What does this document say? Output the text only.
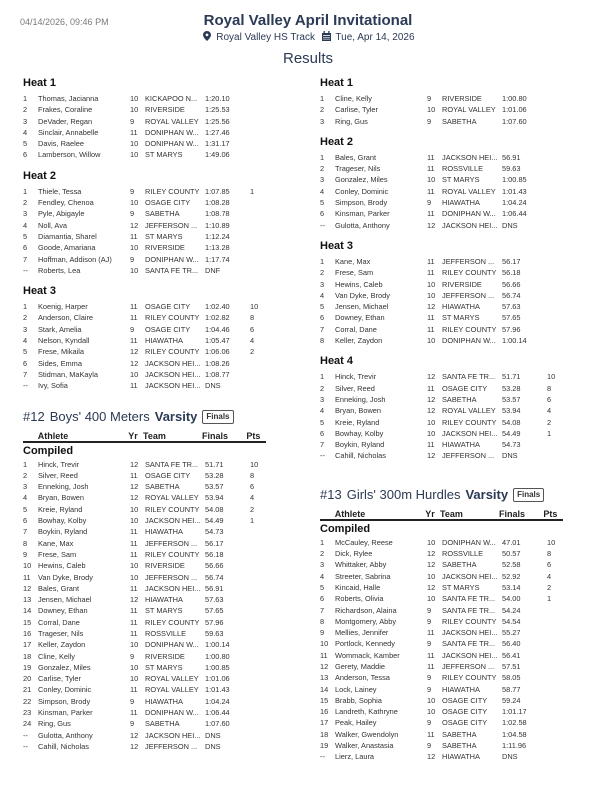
04/14/2026, 09:46 PM	Royal Valley April Invitational
Royal Valley HS Track Tue, Apr 14, 2026
Results
Heat 1
1	Thomas, Jacianna	10 KICKAPOO N...	1:20.10
2	Frakes, Coraline	10 RIVERSIDE	1:25.53
3	DeVader, Regan	9	ROYAL VALLEY 1:25.56
4	Sinclair, Annabelle	11 DONIPHAN W... 1:27.46
5	Davis, Raelee	10 DONIPHAN W... 1:31.17
6	Lamberson, Willow	10 ST MARYS	1:49.06
Heat 2
1	Thiele, Tessa	9	RILEY COUNTY 1:07.85	1
2	Fendley, Chenoa	10 OSAGE CITY	1:08.28
3	Pyle, Abigayle	9	SABETHA	1:08.78
4	Noll, Ava	12 JEFFERSON ...	1:10.89
5	Diamantia, Sharel	11 ST MARYS	1:12.24
6	Goode, Amariana	10 RIVERSIDE	1:13.28
7	Hoffman, Addison (AJ)	9	DONIPHAN W... 1:17.74
--	Roberts, Lea	10 SANTA FE TR... DNF
Heat 3
1	Koenig, Harper	11 OSAGE CITY	1:02.40	10
2	Anderson, Claire	11 RILEY COUNTY 1:02.82	8
3	Stark, Amelia	9	OSAGE CITY	1:04.46	6
4	Nelson, Kyndall	11 HIAWATHA	1:05.47	4
5	Frese, Mikaila	12 RILEY COUNTY 1:06.06	2
6	Sides, Emma	12 JACKSON HEI... 1:08.26
7	Stidman, MaKayla	10 JACKSON HEI... 1:08.77
--	Ivy, Sofia	11 JACKSON HEI... DNS
#12 Boys' 400 Meters Varsity	Finals
Athlete	Yr Team	Finals	Pts
Compiled
1	Hinck, Trevir	12 SANTA FE TR... 51.71	10
2	Silver, Reed	11 OSAGE CITY	53.28	8
3	Enneking, Josh	12 SABETHA	53.57	6
4	Bryan, Bowen	12 ROYAL VALLEY 53.94	4
5	Kreie, Ryland	10 RILEY COUNTY 54.08	2
6	Bowhay, Kolby	10 JACKSON HEI... 54.49	1
7	Boykin, Ryland	11 HIAWATHA	54.73
8	Kane, Max	11 JEFFERSON ...	56.17
9	Frese, Sam	11 RILEY COUNTY 56.18
10 Hewins, Caleb	10 RIVERSIDE	56.66
11 Van Dyke, Brody	10 JEFFERSON ...	56.74
12 Bales, Grant	11 JACKSON HEI... 56.91
13 Jensen, Michael	12 HIAWATHA	57.63
14 Downey, Ethan	11 ST MARYS	57.65
15 Corral, Dane	11 RILEY COUNTY 57.96
16 Trageser, Nils	11 ROSSVILLE	59.63
17 Keller, Zaydon	10 DONIPHAN W... 1:00.14
18 Cline, Kelly	9	RIVERSIDE	1:00.80
19 Gonzalez, Miles	10 ST MARYS	1:00.85
20 Carlise, Tyler	10 ROYAL VALLEY 1:01.06
21 Conley, Dominic	11 ROYAL VALLEY 1:01.43
22 Simpson, Brody	9	HIAWATHA	1:04.24
23 Kinsman, Parker	11 DONIPHAN W... 1:06.44
24 Ring, Gus	9	SABETHA	1:07.60
--	Gulotta, Anthony	12 JACKSON HEI... DNS
--	Cahill, Nicholas	12 JEFFERSON ...	DNS
Heat 1
1	Cline, Kelly	9	RIVERSIDE	1:00.80
2	Carlise, Tyler	10 ROYAL VALLEY 1:01.06
3	Ring, Gus	9	SABETHA	1:07.60
Heat 2
1	Bales, Grant	11 JACKSON HEI... 56.91
2	Trageser, Nils	11 ROSSVILLE	59.63
3	Gonzalez, Miles	10 ST MARYS	1:00.85
4	Conley, Dominic	11 ROYAL VALLEY 1:01.43
5	Simpson, Brody	9	HIAWATHA	1:04.24
6	Kinsman, Parker	11 DONIPHAN W... 1:06.44
--	Gulotta, Anthony	12 JACKSON HEI... DNS
Heat 3
1	Kane, Max	11 JEFFERSON ...	56.17
2	Frese, Sam	11 RILEY COUNTY 56.18
3	Hewins, Caleb	10 RIVERSIDE	56.66
4	Van Dyke, Brody	10 JEFFERSON ...	56.74
5	Jensen, Michael	12 HIAWATHA	57.63
6	Downey, Ethan	11 ST MARYS	57.65
7	Corral, Dane	11 RILEY COUNTY 57.96
8	Keller, Zaydon	10 DONIPHAN W... 1:00.14
Heat 4
1	Hinck, Trevir	12 SANTA FE TR... 51.71	10
2	Silver, Reed	11 OSAGE CITY	53.28	8
3	Enneking, Josh	12 SABETHA	53.57	6
4	Bryan, Bowen	12 ROYAL VALLEY 53.94	4
5	Kreie, Ryland	10 RILEY COUNTY 54.08	2
6	Bowhay, Kolby	10 JACKSON HEI... 54.49	1
7	Boykin, Ryland	11 HIAWATHA	54.73
--	Cahill, Nicholas	12 JEFFERSON ...	DNS
#13 Girls' 300m Hurdles Varsity	Finals
Athlete	Yr Team	Finals	Pts
Compiled
1	McCauley, Reese	10 DONIPHAN W... 47.01	10
2	Dick, Rylee	12 ROSSVILLE	50.57	8
3	Whittaker, Abby	12 SABETHA	52.58	6
4	Streeter, Sabrina	10 JACKSON HEI... 52.92	4
5	Kincaid, Halle	12 ST MARYS	53.14	2
6	Roberts, Olivia	10 SANTA FE TR... 54.00	1
7	Richardson, Alaina	9	SANTA FE TR... 54.24
8	Montgomery, Abby	9	RILEY COUNTY 54.54
9	Mellies, Jennifer	11 JACKSON HEI... 55.27
10 Portlock, Kennedy	9	SANTA FE TR... 56.40
11 Wommack, Kamber	11 JACKSON HEI... 56.41
12 Gerety, Maddie	11 JEFFERSON ...	57.51
13 Anderson, Tessa	9	RILEY COUNTY 58.05
14 Lock, Lainey	9	HIAWATHA	58.77
15 Brabb, Sophia	10 OSAGE CITY	59.24
16 Landreth, Kathryne	10 OSAGE CITY	1:01.17
17 Peak, Hailey	9	OSAGE CITY	1:02.58
18 Walker, Gwendolyn	11 SABETHA	1:04.58
19 Walker, Anastasia	9	SABETHA	1:11.96
--	Lierz, Laura	12 HIAWATHA	DNS
